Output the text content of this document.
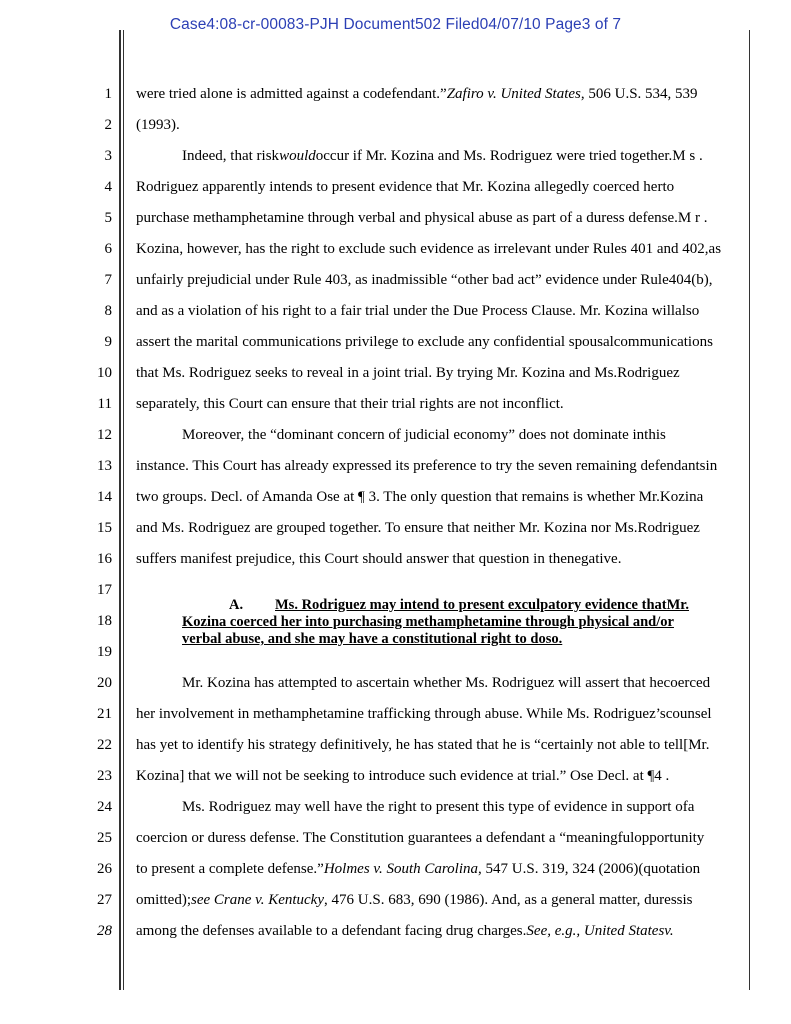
Case4:08-cr-00083-PJH Document502 Filed04/07/10 Page3 of 7
1
2
3
4
5
6
7
8
9
10
11
12
13
14
15
16
17
18
19
20
21
22
23
24
25
26
27
28
were tried alone is admitted against a codefendant.”Zafiro v. United States, 506 U.S. 534, 539
(1993).
Indeed, that riskwouldoccur if Mr. Kozina and Ms. Rodriguez were tried together.M s .
Rodriguez apparently intends to present evidence that Mr. Kozina allegedly coerced herto
purchase methamphetamine through verbal and physical abuse as part of a duress defense.M r .
Kozina, however, has the right to exclude such evidence as irrelevant under Rules 401 and 402,as
unfairly prejudicial under Rule 403, as inadmissible “other bad act” evidence under Rule404(b),
and as a violation of his right to a fair trial under the Due Process Clause. Mr. Kozina willalso
assert the marital communications privilege to exclude any confidential spousalcommunications
that Ms. Rodriguez seeks to reveal in a joint trial. By trying Mr. Kozina and Ms.Rodriguez
separately, this Court can ensure that their trial rights are not inconflict.
Moreover, the “dominant concern of judicial economy” does not dominate inthis
instance. This Court has already expressed its preference to try the seven remaining defendantsin
two groups. Decl. of Amanda Ose at ¶ 3. The only question that remains is whether Mr.Kozina
and Ms. Rodriguez are grouped together. To ensure that neither Mr. Kozina nor Ms.Rodriguez
suffers manifest prejudice, this Court should answer that question in thenegative.
A. Ms. Rodriguez may intend to present exculpatory evidence thatMr.
Kozina coerced her into purchasing methamphetamine through physical and/or
verbal abuse, and she may have a constitutional right to doso.
Mr. Kozina has attempted to ascertain whether Ms. Rodriguez will assert that hecoerced
her involvement in methamphetamine trafficking through abuse. While Ms. Rodriguez’scounsel
has yet to identify his strategy definitively, he has stated that he is “certainly not able to tell[Mr.
Kozina] that we will not be seeking to introduce such evidence at trial.” Ose Decl. at ¶4 .
Ms. Rodriguez may well have the right to present this type of evidence in support ofa
coercion or duress defense. The Constitution guarantees a defendant a “meaningfulopportunity
to present a complete defense.”Holmes v. South Carolina, 547 U.S. 319, 324 (2006)(quotation
omitted);see Crane v. Kentucky, 476 U.S. 683, 690 (1986). And, as a general matter, duressis
among the defenses available to a defendant facing drug charges.See, e.g., United Statesv.
